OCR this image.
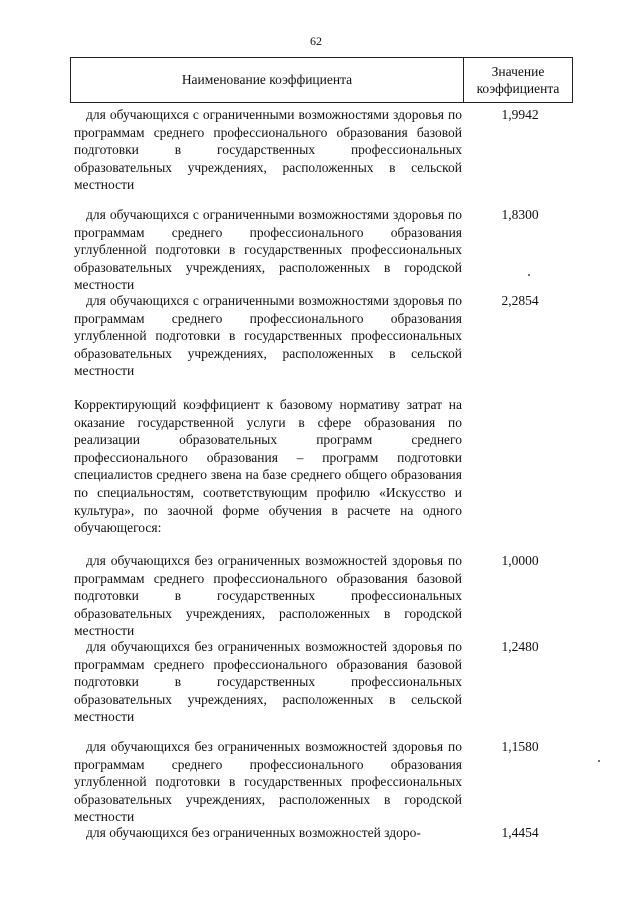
62
Наименование коэффициента
Значение
коэффициента
для обучающихся с ограниченными возможностями здоровья по программам среднего профессионального образования базовой подготовки в государственных профессиональных образовательных учреждениях, расположенных в сельской местности
1,9942
для обучающихся с ограниченными возможностями здоровья по программам среднего профессионального образования углубленной подготовки в государственных профессиональных образовательных учреждениях, расположенных в городской местности
1,8300
для обучающихся с ограниченными возможностями здоровья по программам среднего профессионального образования углубленной подготовки в государственных профессиональных образовательных учреждениях, расположенных в сельской местности
2,2854
Корректирующий коэффициент к базовому нормативу затрат на оказание государственной услуги в сфере образования по реализации образовательных программ среднего профессионального образования – программ подготовки специалистов среднего звена на базе среднего общего образования по специальностям, соответствующим профилю «Искусство и культура», по заочной форме обучения в расчете на одного обучающегося:
для обучающихся без ограниченных возможностей здоровья по программам среднего профессионального образования базовой подготовки в государственных профессиональных образовательных учреждениях, расположенных в городской местности
1,0000
для обучающихся без ограниченных возможностей здоровья по программам среднего профессионального образования базовой подготовки в государственных профессиональных образовательных учреждениях, расположенных в сельской местности
1,2480
для обучающихся без ограниченных возможностей здоровья по программам среднего профессионального образования углубленной подготовки в государственных профессиональных образовательных учреждениях, расположенных в городской местности
1,1580
для обучающихся без ограниченных возможностей здоро-	1,4454
